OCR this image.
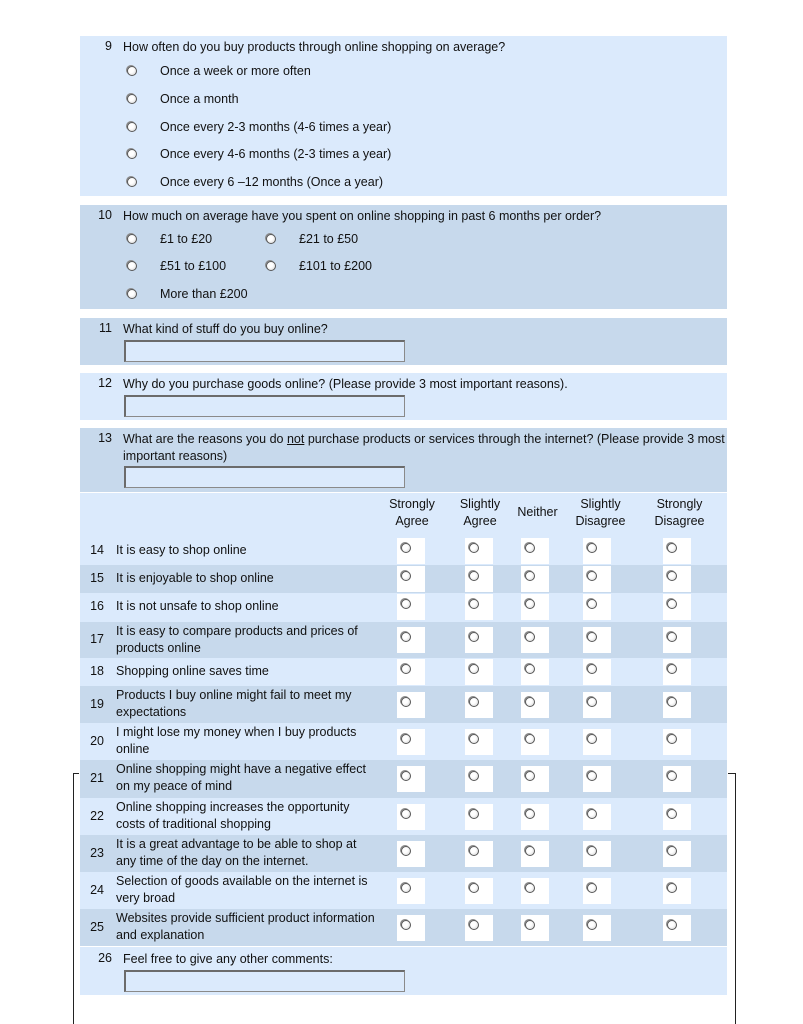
9 How often do you buy products through online shopping on average?
Once a week or more often
Once a month
Once every 2-3 months (4-6 times a year)
Once every 4-6 months (2-3 times a year)
Once every 6 –12 months (Once a year)
10 How much on average have you spent on online shopping in past 6 months per order?
£1 to £20	£21 to £50
£51 to £100	£101 to £200
More than £200
11 What kind of stuff do you buy online?
12 Why do you purchase goods online? (Please provide 3 most important reasons).
13 What are the reasons you do not purchase products or services through the internet? (Please provide 3 most important reasons)
Strongly
Agree
Slightly
Agree
Neither
Slightly
Disagree
Strongly
Disagree
14 It is easy to shop online
15 It is enjoyable to shop online
16 It is not unsafe to shop online
17
It is easy to compare products and prices of products online
18 Shopping online saves time
19
Products I buy online might fail to meet my expectations
20
I might lose my money when I buy products online
21
Online shopping might have a negative effect on my peace of mind
22
Online shopping increases the opportunity costs of traditional shopping
23
It is a great advantage to be able to shop at any time of the day on the internet.
24
Selection of goods available on the internet is very broad
25
Websites provide sufficient product information and explanation
26 Feel free to give any other comments:
